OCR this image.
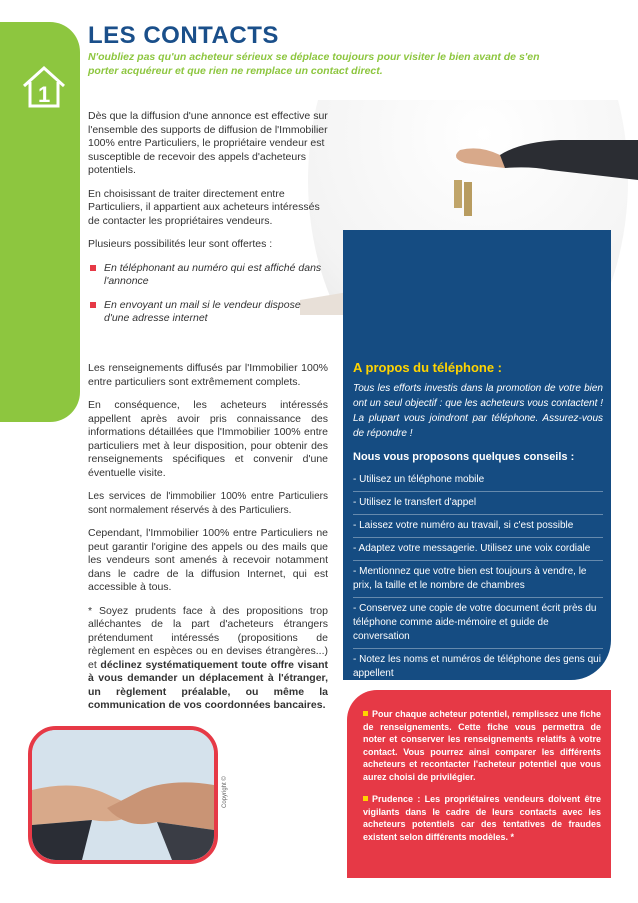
1
LES CONTACTS
N'oubliez pas qu'un acheteur sérieux se déplace toujours pour visiter le bien avant de s'en porter acquéreur et que rien ne remplace un contact direct.

Dès que la diffusion d'une annonce est effective sur l'ensemble des supports de diffusion de l'Immobilier 100% entre Particuliers, le propriétaire vendeur est susceptible de recevoir des appels d'acheteurs potentiels.

En choisissant de traiter directement entre Particuliers, il appartient aux acheteurs intéressés de contacter les propriétaires vendeurs.

Plusieurs possibilités leur sont offertes :

En téléphonant au numéro qui est affiché dans l'annonce
En envoyant un mail si le vendeur dispose d'une adresse internet

Les renseignements diffusés par l'Immobilier 100% entre particuliers sont extrêmement complets.

En conséquence, les acheteurs intéressés appellent après avoir pris connaissance des informations détaillées que l'Immobilier 100% entre particuliers met à leur disposition, pour obtenir des renseignements spécifiques et convenir d'une éventuelle visite.

Les services de l'immobilier 100% entre Particuliers sont normalement réservés à des Particuliers.

Cependant, l'Immobilier 100% entre Particuliers ne peut garantir l'origine des appels ou des mails que les vendeurs sont amenés à recevoir notamment dans le cadre de la diffusion Internet, qui est accessible à tous.

* Soyez prudents face à des propositions trop alléchantes de la part d'acheteurs étrangers prétendument intéressés (propositions de règlement en espèces ou en devises étrangères...) et déclinez systématiquement toute offre visant à vous demander un déplacement à l'étranger, un règlement préalable, ou même la communication de vos coordonnées bancaires.

A propos du téléphone :

Tous les efforts investis dans la promotion de votre bien ont un seul objectif : que les acheteurs vous contactent ! La plupart vous joindront par téléphone. Assurez-vous de répondre !

Nous vous proposons quelques conseils :
- Utilisez un téléphone mobile
- Utilisez le transfert d'appel
- Laissez votre numéro au travail, si c'est possible
- Adaptez votre messagerie. Utilisez une voix cordiale
- Mentionnez que votre bien est toujours à vendre, le prix, la taille et le nombre de chambres
- Conservez une copie de votre document écrit près du téléphone comme aide-mémoire et guide de conversation
- Notez les noms et numéros de téléphone des gens qui appellent

Pour chaque acheteur potentiel, remplissez une fiche de renseignements. Cette fiche vous permettra de noter et conserver les renseignements relatifs à votre contact. Vous pourrez ainsi comparer les différents acheteurs et recontacter l'acheteur potentiel que vous aurez choisi de privilégier.

Prudence : Les propriétaires vendeurs doivent être vigilants dans le cadre de leurs contacts avec les acheteurs potentiels car des tentatives de fraudes existent selon différents modèles. *

Copyright ©
